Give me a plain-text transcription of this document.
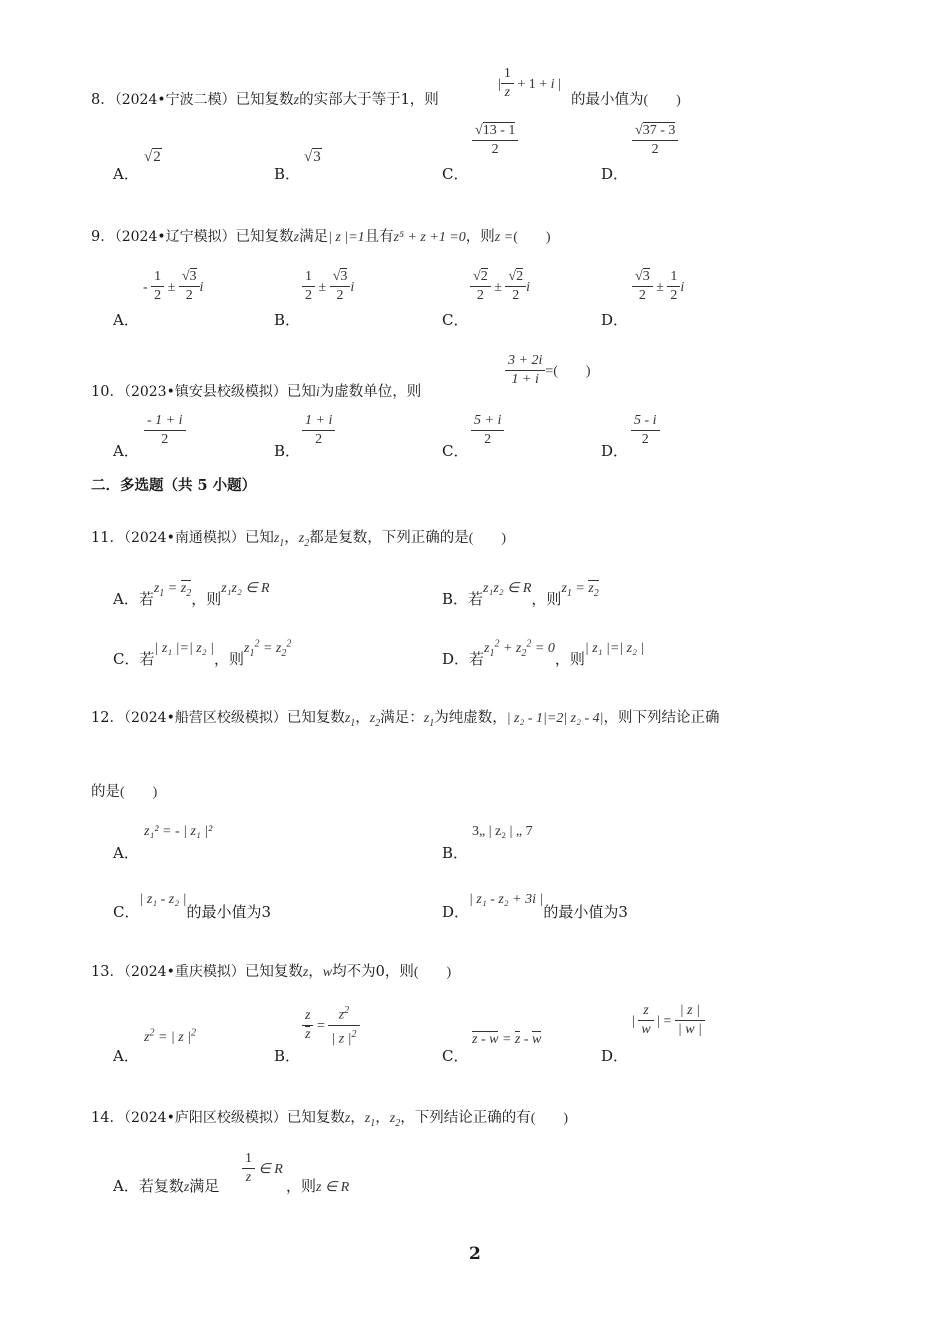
8．（2024•宁波二模）已知复数z的实部大于等于1，则
| $\frac{1}{z} + 1 + i$ |
的最小值为(　　)
A．
√2
B．
√3
C．
$\frac{√13 - 1}{2}$
D．
$\frac{√37 - 3}{2}$
9．（2024•辽宁模拟）已知复数z满足| z |=1且有z⁵ + z +1 =0，则z =(　　)
A．
- $\frac{1}{2} \pm \frac{√3}{2}$ i
B．
$\frac{1}{2} \pm \frac{√3}{2}$ i
C．
$\frac{√2}{2} \pm \frac{√2}{2}$ i
D．
$\frac{√3}{2} \pm \frac{1}{2}$ i
10．（2023•镇安县校级模拟）已知i为虚数单位，则
$\frac{3 + 2i}{1 + i}$ =(　　)
A．
$\frac{- 1 + i}{2}$
B．
$\frac{1 + i}{2}$
C．
$\frac{5 + i}{2}$
D．
$\frac{5 - i}{2}$
二．多选题（共 5 小题）
11．（2024•南通模拟）已知$z_1$，$z_2$都是复数，下列正确的是(　　)
A．若$z_1 = z_2$，则z₁z₂ ∈ R
B．若z₁z₂ ∈ R，则$z_1 = z_2$
C．若| z₁ |=| z₂ |，则$z_1^2 = z_2^2$
D．若$z_1^2 + z_2^2 = 0$，则| z₁ |=| z₂ |
12．（2024•船营区校级模拟）已知复数$z_1$，$z_2$满足：$z_1$为纯虚数，| z₂ - 1|=2| z₂ - 4|，则下列结论正确
的是(　　)
A．
z₁² = - | z₁ |²
B．
3„ | z₂ | „ 7
C．| z₁ - z₂ |的最小值为3	D．| z₁ - z₂ + 3i |的最小值为3
13．（2024•重庆模拟）已知复数z，w均不为0，则(　　)
A．
$z^2$ = | z $|^2$
B．
$\frac{z}{z} = \frac{z^2}{| z |^2}$
C．
z - w = z - w
D．
| $\frac{z}{w}$ | = $\frac{| z |}{| w |}$
14．（2024•庐阳区校级模拟）已知复数z，$z_1$，$z_2$，下列结论正确的有(　　)
A．若复数z满足 $\frac{1}{z}$ ∈ R
，则z ∈ R
2
